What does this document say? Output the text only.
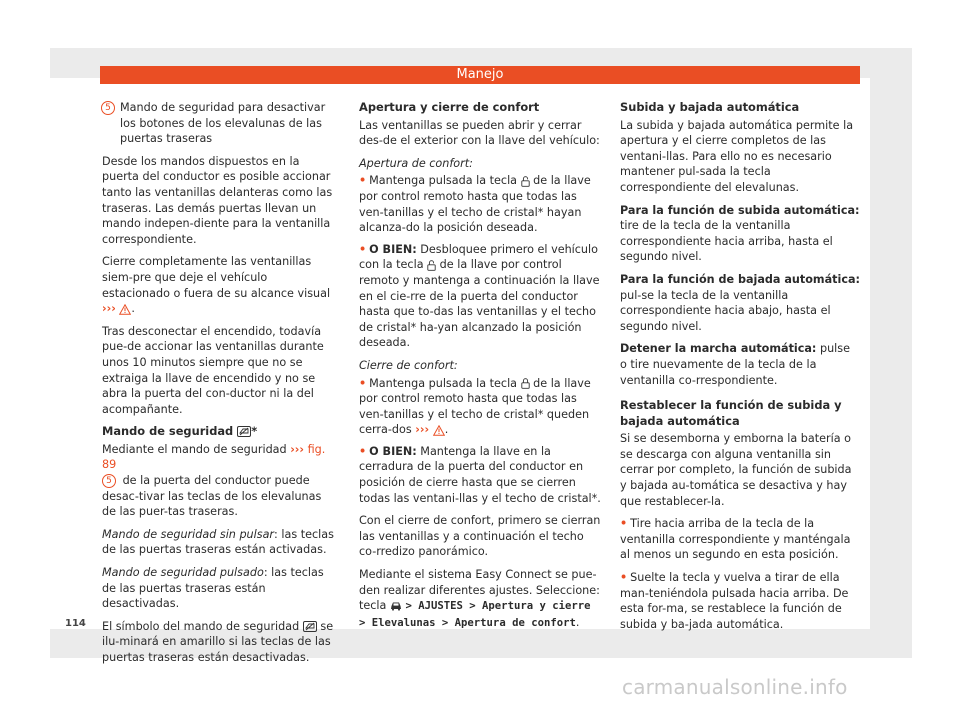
Manejo

5 Mando de seguridad para desactivar los botones de los elevalunas de las puertas traseras

Desde los mandos dispuestos en la puerta del conductor es posible accionar tanto las ventanillas delanteras como las traseras. Las demás puertas llevan un mando indepen-diente para la ventanilla correspondiente.

Cierre completamente las ventanillas siem-pre que deje el vehículo estacionado o fuera de su alcance visual ››› .

Tras desconectar el encendido, todavía pue-de accionar las ventanillas durante unos 10 minutos siempre que no se extraiga la llave de encendido y no se abra la puerta del con-ductor ni la del acompañante.

Mando de seguridad *

Mediante el mando de seguridad ››› fig. 89
5 de la puerta del conductor puede desac-tivar las teclas de los elevalunas de las puer-tas traseras.

Mando de seguridad sin pulsar: las teclas de las puertas traseras están activadas.

Mando de seguridad pulsado: las teclas de las puertas traseras están desactivadas.

El símbolo del mando de seguridad se ilu-minará en amarillo si las teclas de las puertas traseras están desactivadas.

Apertura y cierre de confort

Las ventanillas se pueden abrir y cerrar des-de el exterior con la llave del vehículo:

Apertura de confort:

• Mantenga pulsada la tecla de la llave por control remoto hasta que todas las ven-tanillas y el techo de cristal* hayan alcanza-do la posición deseada.

• O BIEN: Desbloquee primero el vehículo con la tecla de la llave por control remoto y mantenga a continuación la llave en el cie-rre de la puerta del conductor hasta que to-das las ventanillas y el techo de cristal* ha-yan alcanzado la posición deseada.

Cierre de confort:

• Mantenga pulsada la tecla de la llave por control remoto hasta que todas las ven-tanillas y el techo de cristal* queden cerra-dos ››› .

• O BIEN: Mantenga la llave en la cerradura de la puerta del conductor en posición de cierre hasta que se cierren todas las ventani-llas y el techo de cristal*.

Con el cierre de confort, primero se cierran las ventanillas y a continuación el techo co-rredizo panorámico.

Mediante el sistema Easy Connect se pue-den realizar diferentes ajustes. Seleccione: tecla > AJUSTES > Apertura y cierre > Elevalunas > Apertura de confort.

Subida y bajada automática

La subida y bajada automática permite la apertura y el cierre completos de las ventani-llas. Para ello no es necesario mantener pul-sada la tecla correspondiente del elevalunas.

Para la función de subida automática: tire de la tecla de la ventanilla correspondiente hacia arriba, hasta el segundo nivel.

Para la función de bajada automática: pul-se la tecla de la ventanilla correspondiente hacia abajo, hasta el segundo nivel.

Detener la marcha automática: pulse o tire nuevamente de la tecla de la ventanilla co-rrespondiente.

Restablecer la función de subida y bajada automática

Si se desemborna y emborna la batería o se descarga con alguna ventanilla sin cerrar por completo, la función de subida y bajada au-tomática se desactiva y hay que restablecer-la.

• Tire hacia arriba de la tecla de la ventanilla correspondiente y manténgala al menos un segundo en esta posición.

• Suelte la tecla y vuelva a tirar de ella man-teniéndola pulsada hacia arriba. De esta for-ma, se restablece la función de subida y ba-jada automática.

114
carmanualsonline.info
